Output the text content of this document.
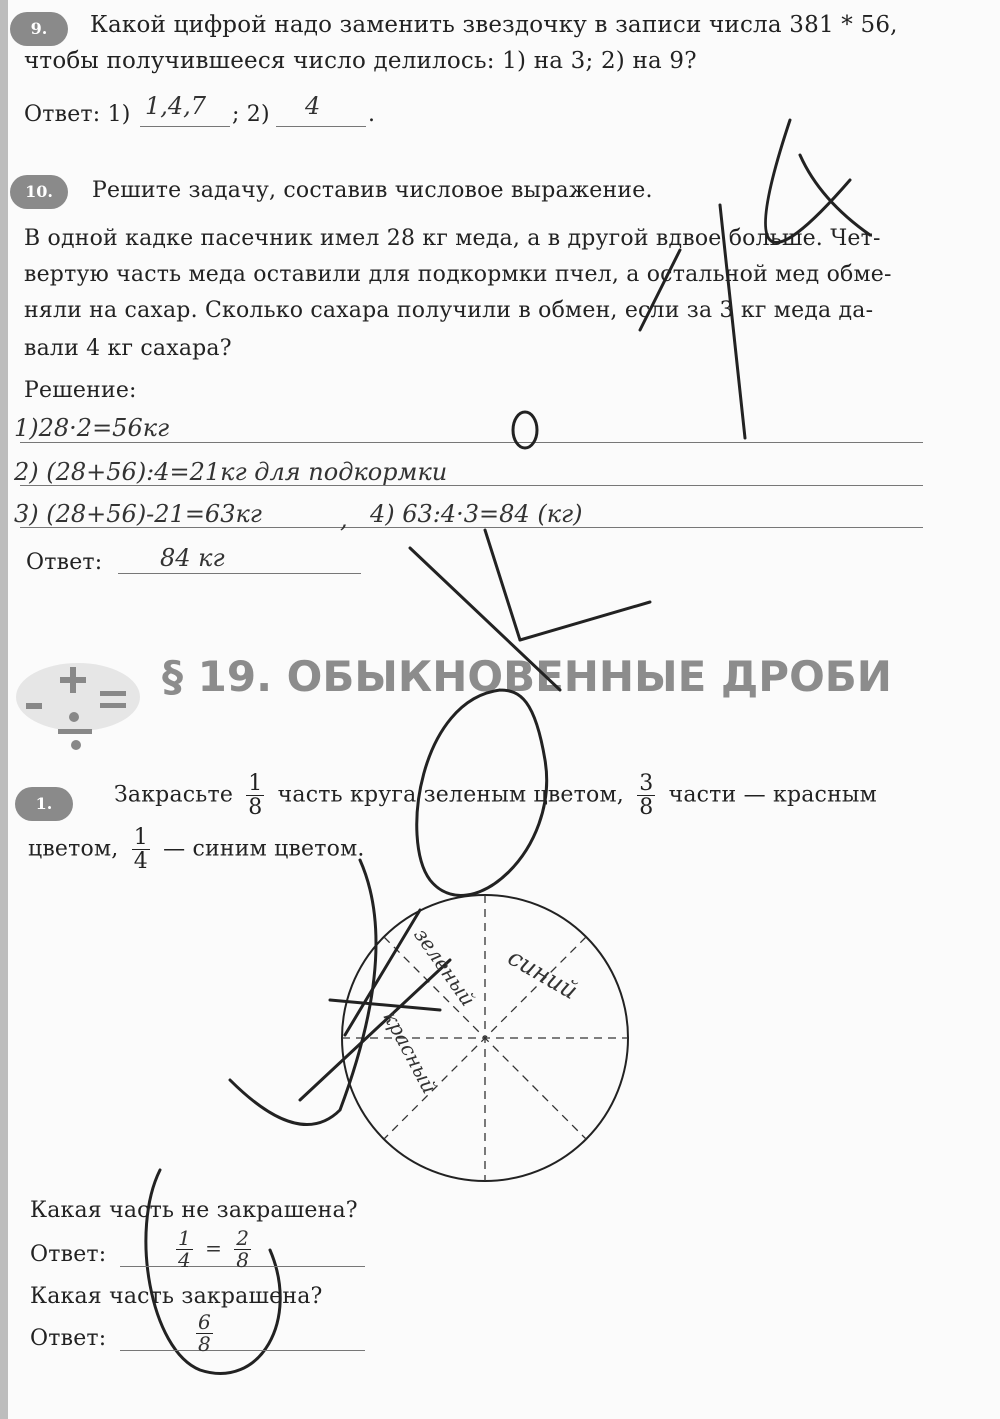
9.	Какой цифрой надо заменить звездочку в записи числа 381 * 56,
чтобы получившееся число делилось: 1) на 3; 2) на 9?
Ответ: 1) 1,4,7 ; 2) 4 .
10.	Решите задачу, составив числовое выражение.
В одной кадке пасечник имел 28 кг меда, а в другой вдвое больше. Чет-
вертую часть меда оставили для подкормки пчел, а остальной мед обме-
няли на сахар. Сколько сахара получили в обмен, если за 3 кг меда да-
вали 4 кг сахара?
Решение:
1)28·2=56кг
2) (28+56):4=21кг для подкормки
3) (28+56)-21=63кг	, 4) 63:4·3=84 (кг)
Ответ: 84 кг
§ 19. ОБЫКНОВЕННЫЕ ДРОБИ
1.	Закрасьте $\frac{1}{8}$ часть круга зеленым цветом, $\frac{3}{8}$ части — красным
цветом, $\frac{1}{4}$ — синим цветом.
зеленый синий
красный
Какая часть не закрашена?
Ответ:	$\frac{1}{4} = \frac{2}{8}$
Какая часть закрашена?
Ответ:	$\frac{6}{8}$
